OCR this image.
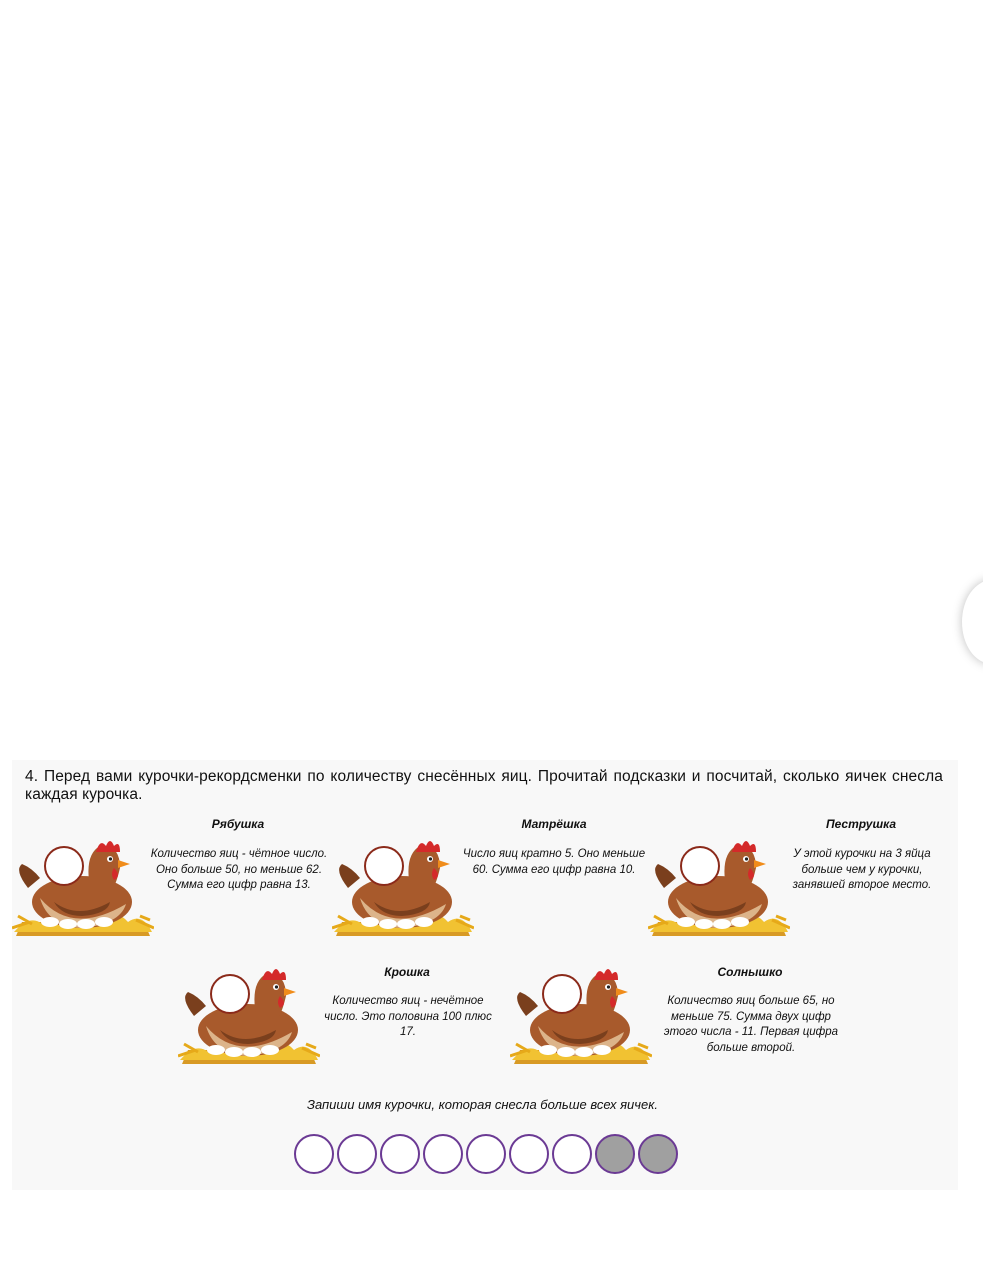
4. Перед вами курочки-рекордсменки по количеству снесённых яиц. Прочитай подсказки и посчитай, сколько яичек снесла каждая курочка.
Рябушка	Матрёшка	Пеструшка
Крошка	Солнышко
Количество яиц - чётное число. Оно больше 50, но меньше 62. Сумма его цифр равна 13.
Число яиц кратно 5. Оно меньше 60. Сумма его цифр равна 10.
У этой курочки на 3 яйца больше чем у курочки, занявшей второе место.
Количество яиц - нечётное число. Это половина 100 плюс 17.
Количество яиц больше 65, но меньше 75. Сумма двух цифр этого числа - 11. Первая цифра больше второй.
Запиши имя курочки, которая снесла больше всех яичек.
